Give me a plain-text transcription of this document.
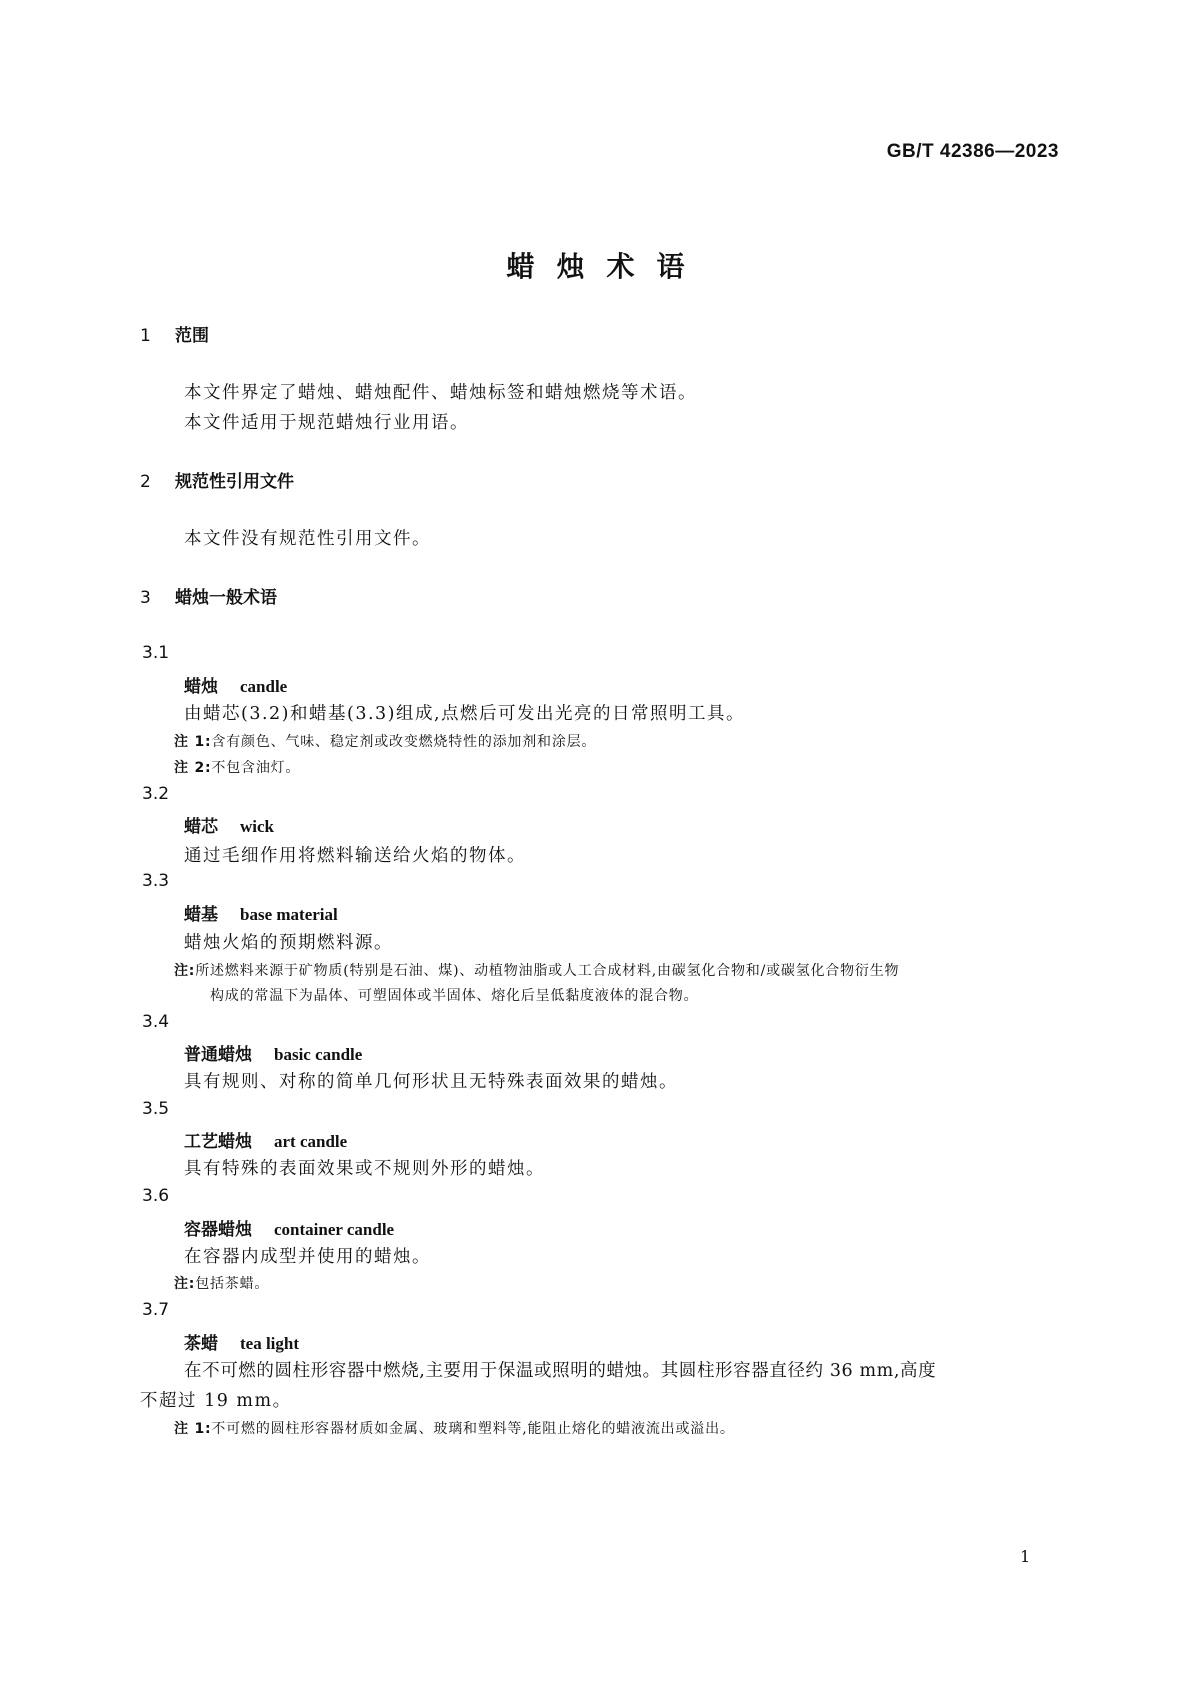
GB/T 42386—2023
蜡烛术语
1 范围
本文件界定了蜡烛、蜡烛配件、蜡烛标签和蜡烛燃烧等术语。
本文件适用于规范蜡烛行业用语。
2 规范性引用文件
本文件没有规范性引用文件。
3 蜡烛一般术语
3.1
蜡烛 candle
由蜡芯(3.2)和蜡基(3.3)组成,点燃后可发出光亮的日常照明工具。
注 1:含有颜色、气味、稳定剂或改变燃烧特性的添加剂和涂层。
注 2:不包含油灯。
3.2
蜡芯 wick
通过毛细作用将燃料输送给火焰的物体。
3.3
蜡基 base material
蜡烛火焰的预期燃料源。
注:所述燃料来源于矿物质(特别是石油、煤)、动植物油脂或人工合成材料,由碳氢化合物和/或碳氢化合物衍生物
构成的常温下为晶体、可塑固体或半固体、熔化后呈低黏度液体的混合物。
3.4
普通蜡烛 basic candle
具有规则、对称的简单几何形状且无特殊表面效果的蜡烛。
3.5
工艺蜡烛 art candle
具有特殊的表面效果或不规则外形的蜡烛。
3.6
容器蜡烛 container candle
在容器内成型并使用的蜡烛。
注:包括茶蜡。
3.7
茶蜡 tea light
在不可燃的圆柱形容器中燃烧,主要用于保温或照明的蜡烛。其圆柱形容器直径约 36 mm,高度
不超过 19 mm。
注 1:不可燃的圆柱形容器材质如金属、玻璃和塑料等,能阻止熔化的蜡液流出或溢出。
1
